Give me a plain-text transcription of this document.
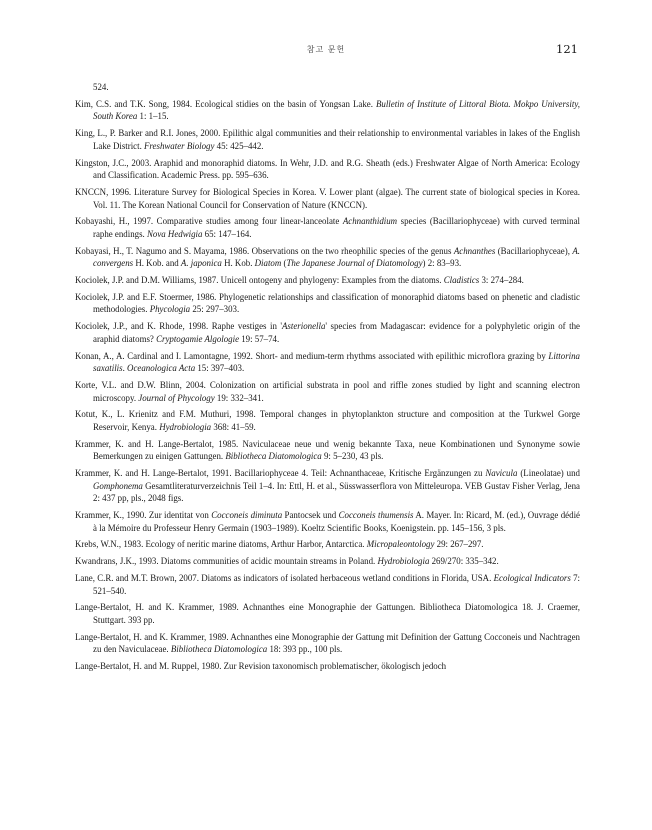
참고 문헌	121

524.

Kim, C.S. and T.K. Song, 1984. Ecological stidies on the basin of Yongsan Lake. Bulletin of Institute of Littoral Biota. Mokpo University, South Korea 1: 1–15.

King, L., P. Barker and R.I. Jones, 2000. Epilithic algal communities and their relationship to environmental variables in lakes of the English Lake District. Freshwater Biology 45: 425–442.

Kingston, J.C., 2003. Araphid and monoraphid diatoms. In Wehr, J.D. and R.G. Sheath (eds.) Freshwater Algae of North America: Ecology and Classification. Academic Press. pp. 595–636.

KNCCN, 1996. Literature Survey for Biological Species in Korea. V. Lower plant (algae). The current state of biological species in Korea. Vol. 11. The Korean National Council for Conservation of Nature (KNCCN).

Kobayashi, H., 1997. Comparative studies among four linear-lanceolate Achnanthidium species (Bacillariophyceae) with curved terminal raphe endings. Nova Hedwigia 65: 147–164.

Kobayasi, H., T. Nagumo and S. Mayama, 1986. Observations on the two rheophilic species of the genus Achnanthes (Bacillariophyceae), A. convergens H. Kob. and A. japonica H. Kob. Diatom (The Japanese Journal of Diatomology) 2: 83–93.

Kociolek, J.P. and D.M. Williams, 1987. Unicell ontogeny and phylogeny: Examples from the diatoms. Cladistics 3: 274–284.

Kociolek, J.P. and E.F. Stoermer, 1986. Phylogenetic relationships and classification of monoraphid diatoms based on phenetic and cladistic methodologies. Phycologia 25: 297–303.

Kociolek, J.P., and K. Rhode, 1998. Raphe vestiges in 'Asterionella' species from Madagascar: evidence for a polyphyletic origin of the araphid diatoms? Cryptogamie Algologie 19: 57–74.

Konan, A., A. Cardinal and I. Lamontagne, 1992. Short- and medium-term rhythms associated with epilithic microflora grazing by Littorina saxatilis. Oceanologica Acta 15: 397–403.

Korte, V.L. and D.W. Blinn, 2004. Colonization on artificial substrata in pool and riffle zones studied by light and scanning electron microscopy. Journal of Phycology 19: 332–341.

Kotut, K., L. Krienitz and F.M. Muthuri, 1998. Temporal changes in phytoplankton structure and composition at the Turkwel Gorge Reservoir, Kenya. Hydrobiologia 368: 41–59.

Krammer, K. and H. Lange-Bertalot, 1985. Naviculaceae neue und wenig bekannte Taxa, neue Kombinationen und Synonyme sowie Bemerkungen zu einigen Gattungen. Bibliotheca Diatomologica 9: 5–230, 43 pls.

Krammer, K. and H. Lange-Bertalot, 1991. Bacillariophyceae 4. Teil: Achnanthaceae, Kritische Ergänzungen zu Navicula (Lineolatae) und Gomphonema Gesamtliteraturverzeichnis Teil 1–4. In: Ettl, H. et al., Süsswasserflora von Mitteleuropa. VEB Gustav Fisher Verlag, Jena 2: 437 pp, pls., 2048 figs.

Krammer, K., 1990. Zur identitat von Cocconeis diminuta Pantocsek und Cocconeis thumensis A. Mayer. In: Ricard, M. (ed.), Ouvrage dédié à la Mémoire du Professeur Henry Germain (1903–1989). Koeltz Scientific Books, Koenigstein. pp. 145–156, 3 pls.

Krebs, W.N., 1983. Ecology of neritic marine diatoms, Arthur Harbor, Antarctica. Micropaleontology 29: 267–297.

Kwandrans, J.K., 1993. Diatoms communities of acidic mountain streams in Poland. Hydrobiologia 269/270: 335–342.

Lane, C.R. and M.T. Brown, 2007. Diatoms as indicators of isolated herbaceous wetland conditions in Florida, USA. Ecological Indicators 7: 521–540.

Lange-Bertalot, H. and K. Krammer, 1989. Achnanthes eine Monographie der Gattungen. Bibliotheca Diatomologica 18. J. Craemer, Stuttgart. 393 pp.

Lange-Bertalot, H. and K. Krammer, 1989. Achnanthes eine Monographie der Gattung mit Definition der Gattung Cocconeis und Nachtragen zu den Naviculaceae. Bibliotheca Diatomologica 18: 393 pp., 100 pls.

Lange-Bertalot, H. and M. Ruppel, 1980. Zur Revision taxonomisch problematischer, ökologisch jedoch
